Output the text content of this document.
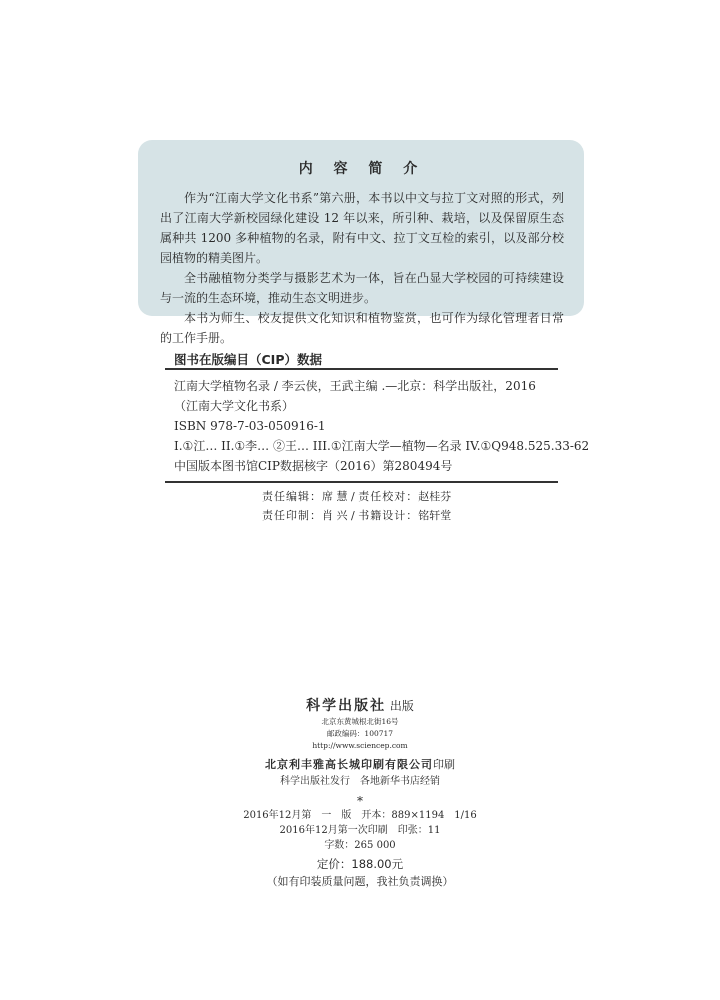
内 容 简 介

作为“江南大学文化书系”第六册，本书以中文与拉丁文对照的形式，列出了江南大学新校园绿化建设 12 年以来，所引种、栽培，以及保留原生态属种共 1200 多种植物的名录，附有中文、拉丁文互检的索引，以及部分校园植物的精美图片。

全书融植物分类学与摄影艺术为一体，旨在凸显大学校园的可持续建设与一流的生态环境，推动生态文明进步。

本书为师生、校友提供文化知识和植物鉴赏，也可作为绿化管理者日常的工作手册。

图书在版编目（CIP）数据
江南大学植物名录 / 李云侠，王武主编 .—北京：科学出版社，2016
（江南大学文化书系）
ISBN 978-7-03-050916-1
I.①江… II.①李… ②王… III.①江南大学—植物—名录 IV.①Q948.525.33-62
中国版本图书馆CIP数据核字（2016）第280494号
责任编辑：席 慧 / 责任校对：赵桂芬
责任印制：肖 兴 / 书籍设计：铭轩堂
科学出版社 出版
北京东黄城根北街16号
邮政编码：100717
http://www.sciencep.com
北京利丰雅高长城印刷有限公司印刷
科学出版社发行　各地新华书店经销
*
2016年12月第　一　版　开本：889×1194　1/16
2016年12月第一次印刷　印张：11
字数：265 000
定价：188.00元
（如有印装质量问题，我社负责调换）
